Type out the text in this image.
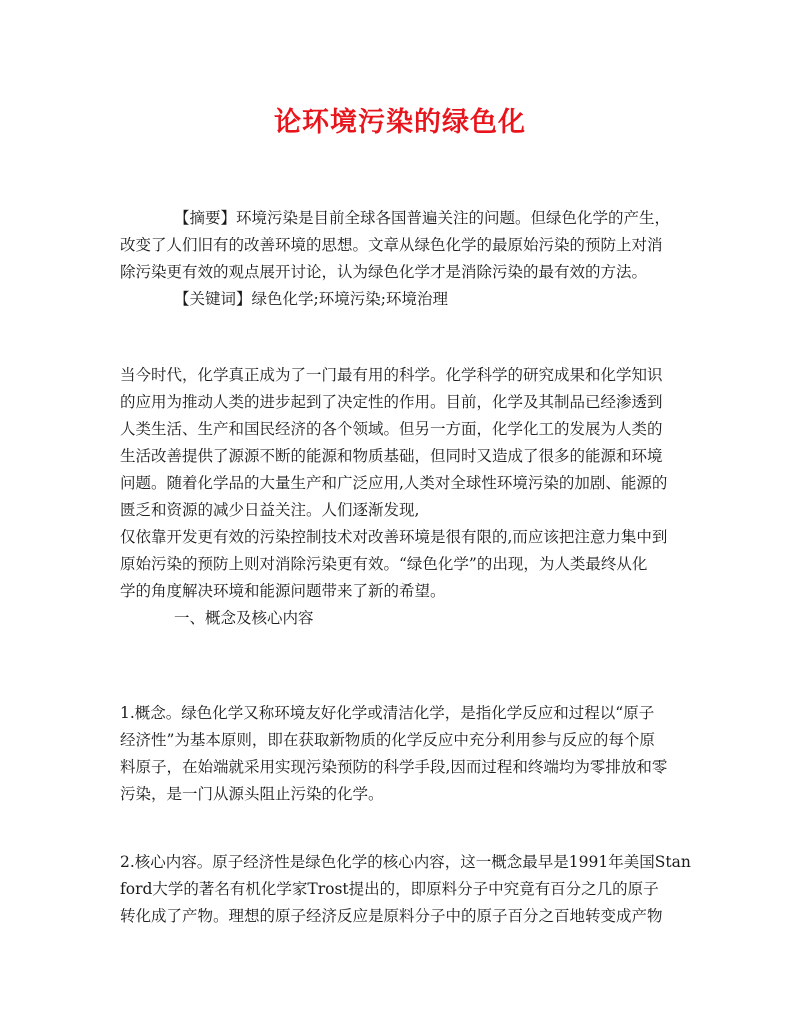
论环境污染的绿色化
【摘要】环境污染是目前全球各国普遍关注的问题。但绿色化学的产生，
改变了人们旧有的改善环境的思想。文章从绿色化学的最原始污染的预防上对消
除污染更有效的观点展开讨论，认为绿色化学才是消除污染的最有效的方法。
【关键词】绿色化学;环境污染;环境治理
当今时代，化学真正成为了一门最有用的科学。化学科学的研究成果和化学知识
的应用为推动人类的进步起到了决定性的作用。目前，化学及其制品已经渗透到
人类生活、生产和国民经济的各个领域。但另一方面，化学化工的发展为人类的
生活改善提供了源源不断的能源和物质基础，但同时又造成了很多的能源和环境
问题。随着化学品的大量生产和广泛应用,人类对全球性环境污染的加剧、能源的
匮乏和资源的减少日益关注。人们逐渐发现,
仅依靠开发更有效的污染控制技术对改善环境是很有限的,而应该把注意力集中到
原始污染的预防上则对消除污染更有效。“绿色化学”的出现，为人类最终从化
学的角度解决环境和能源问题带来了新的希望。
一、概念及核心内容
1.概念。绿色化学又称环境友好化学或清洁化学，是指化学反应和过程以“原子
经济性”为基本原则，即在获取新物质的化学反应中充分利用参与反应的每个原
料原子，在始端就采用实现污染预防的科学手段,因而过程和终端均为零排放和零
污染，是一门从源头阻止污染的化学。
2.核心内容。原子经济性是绿色化学的核心内容，这一概念最早是1991年美国Stan
ford大学的著名有机化学家Trost提出的，即原料分子中究竟有百分之几的原子
转化成了产物。理想的原子经济反应是原料分子中的原子百分之百地转变成产物
